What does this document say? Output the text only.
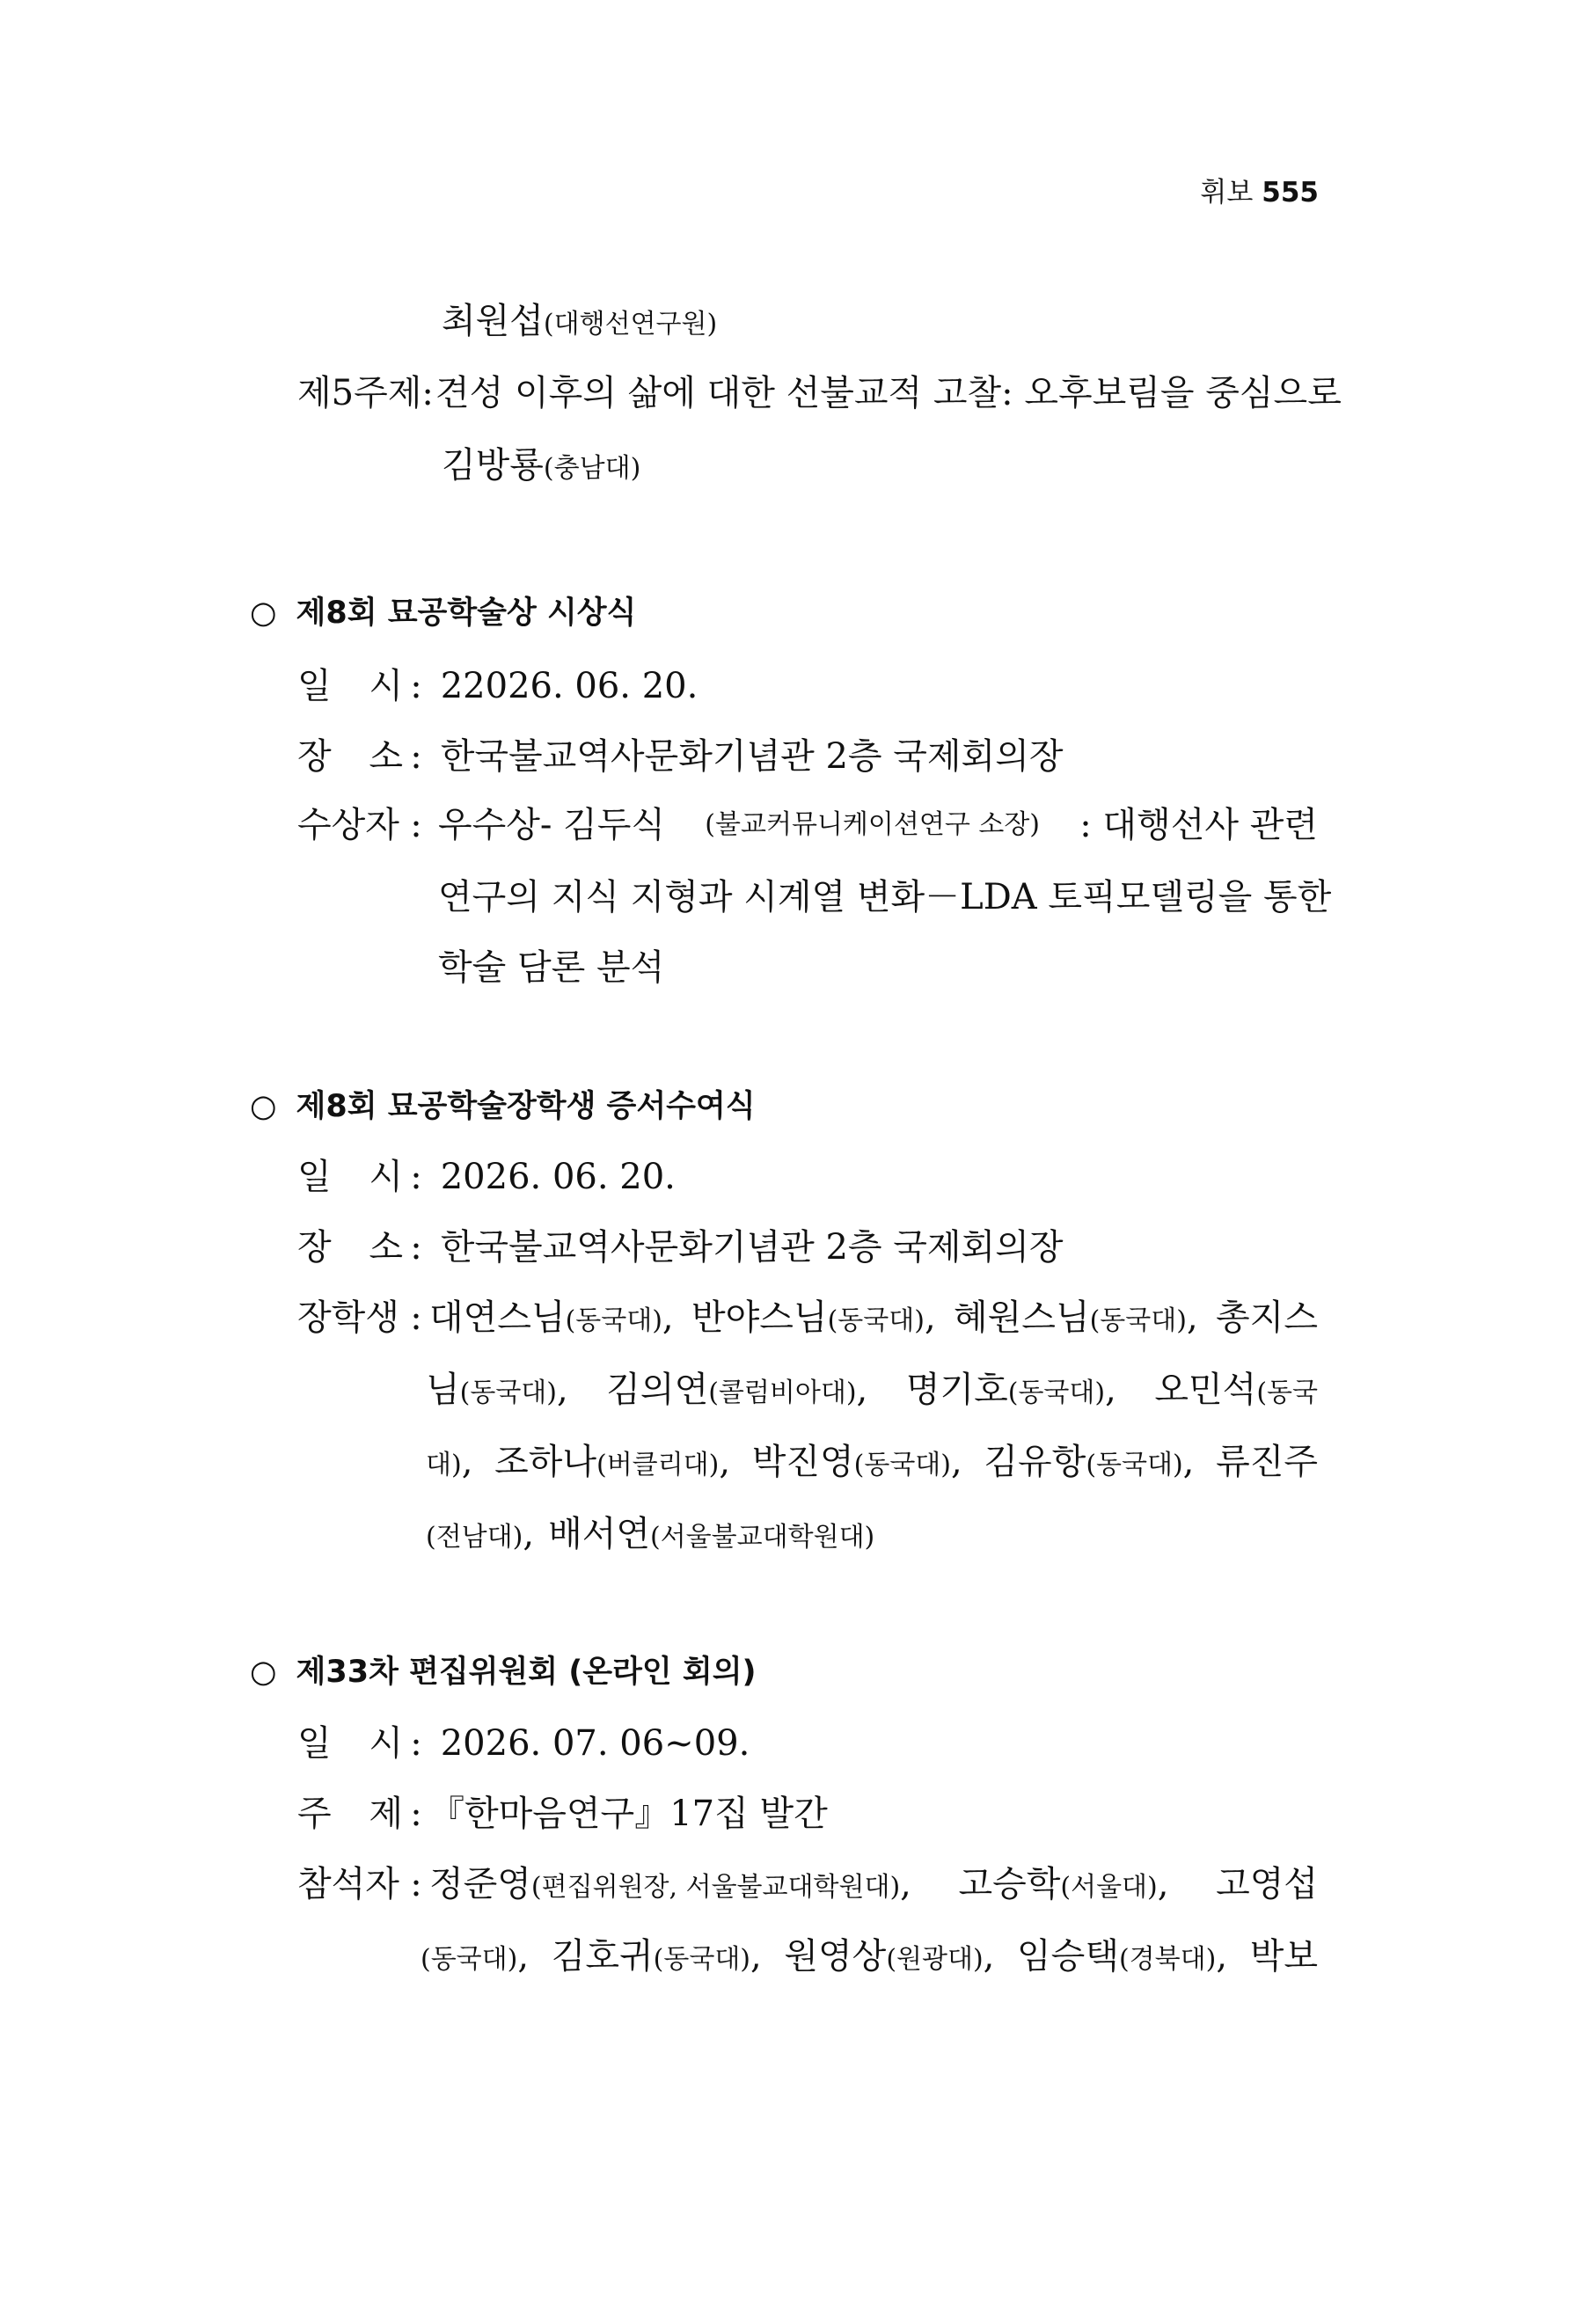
휘보 555
최원섭(대행선연구원)
제5주제: 견성 이후의 삶에 대한 선불교적 고찰: 오후보림을 중심으로
김방룡(충남대)
○ 제8회 묘공학술상 시상식
일 시 : 22026. 06. 20.
장 소 : 한국불교역사문화기념관 2층 국제회의장
수상자 : 우수상- 김두식 (불교커뮤니케이션연구 소장) : 대행선사 관련
연구의 지식 지형과 시계열 변화－LDA 토픽모델링을 통한
학술 담론 분석
○ 제8회 묘공학술장학생 증서수여식
일 시 : 2026. 06. 20.
장 소 : 한국불교역사문화기념관 2층 국제회의장
장학생 : 대연스님(동국대), 반야스님(동국대), 혜원스님(동국대), 총지스
님(동국대), 김의연(콜럼비아대), 명기호(동국대), 오민석(동국
대), 조하나(버클리대), 박진영(동국대), 김유항(동국대), 류진주
(전남대), 배서연(서울불교대학원대)
○ 제33차 편집위원회 (온라인 회의)
일 시 : 2026. 07. 06~09.
주 제 : 『한마음연구』17집 발간
참석자 : 정준영(편집위원장, 서울불교대학원대), 고승학(서울대), 고영섭
(동국대), 김호귀(동국대), 원영상(원광대), 임승택(경북대), 박보
